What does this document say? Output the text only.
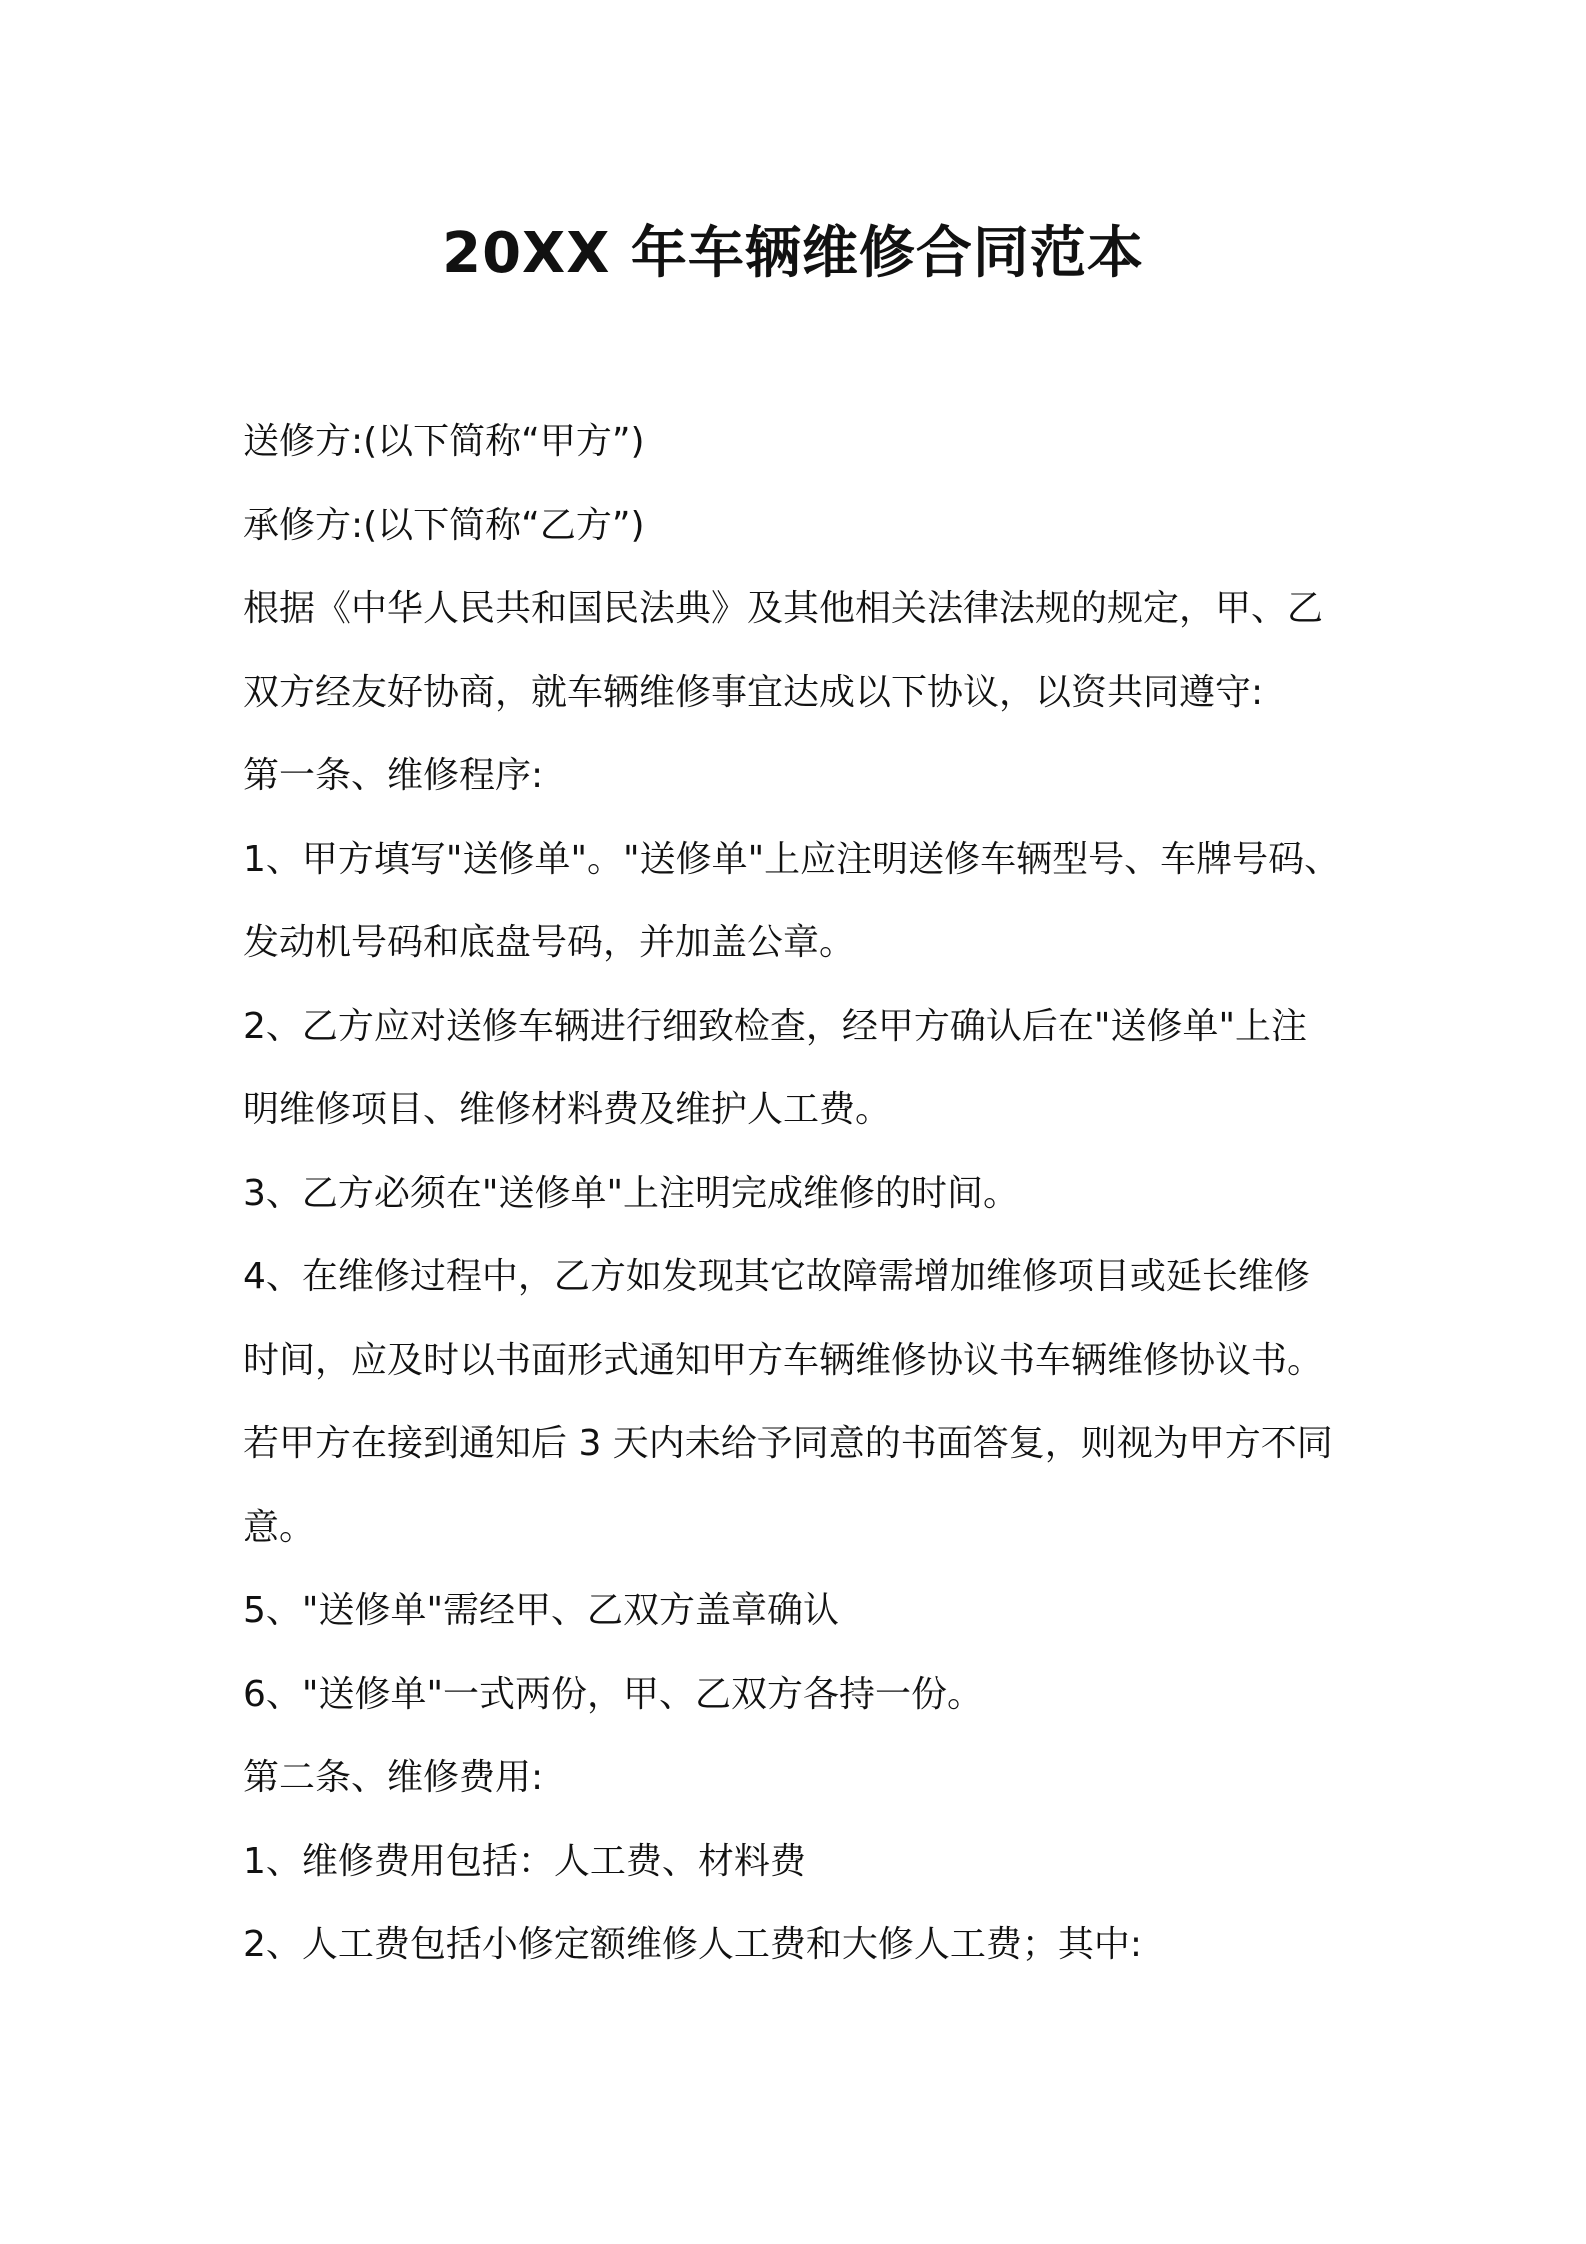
20XX 年车辆维修合同范本

送修方:(以下简称“甲方”)

承修方:(以下简称“乙方”)

根据《中华人民共和国民法典》及其他相关法律法规的规定，甲、乙

双方经友好协商，就车辆维修事宜达成以下协议，以资共同遵守:

第一条、维修程序:

1、甲方填写"送修单"。"送修单"上应注明送修车辆型号、车牌号码、

发动机号码和底盘号码，并加盖公章。

2、乙方应对送修车辆进行细致检查，经甲方确认后在"送修单"上注

明维修项目、维修材料费及维护人工费。

3、乙方必须在"送修单"上注明完成维修的时间。

4、在维修过程中，乙方如发现其它故障需增加维修项目或延长维修

时间，应及时以书面形式通知甲方车辆维修协议书车辆维修协议书。

若甲方在接到通知后 3 天内未给予同意的书面答复，则视为甲方不同

意。

5、"送修单"需经甲、乙双方盖章确认

6、"送修单"一式两份，甲、乙双方各持一份。

第二条、维修费用:

1、维修费用包括：人工费、材料费

2、人工费包括小修定额维修人工费和大修人工费；其中:
